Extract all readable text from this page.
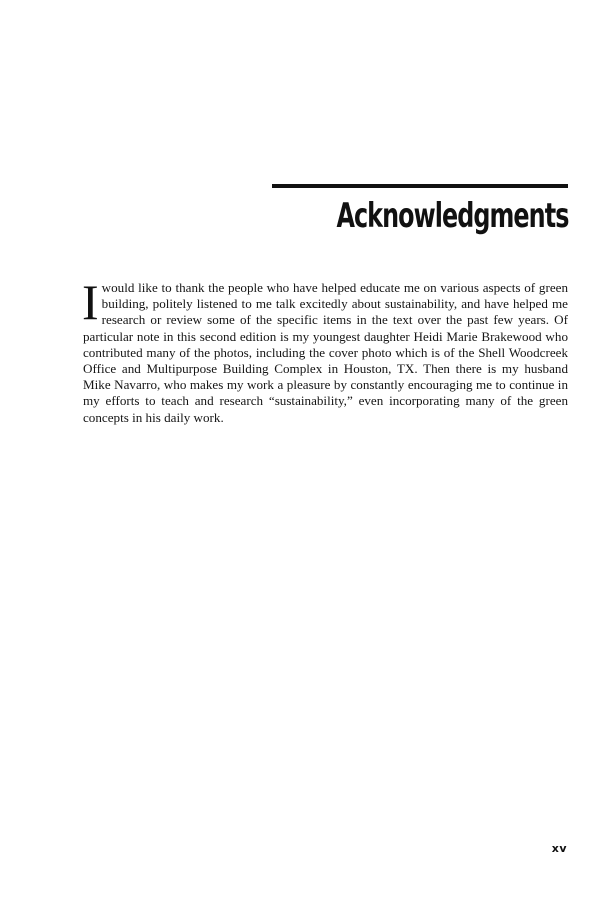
Acknowledgments

Iwould like to thank the people who have helped educate me on various aspects of green building, politely listened to me talk excitedly about sustainability, and have helped me research or review some of the specific items in the text over the past few years. Of particular note in this second edition is my youngest daughter Heidi Marie Brakewood who contributed many of the photos, including the cover photo which is of the Shell Woodcreek Office and Multipurpose Building Complex in Houston, TX. Then there is my husband Mike Navarro, who makes my work a pleasure by constantly encouraging me to continue in my efforts to teach and research “sustainability,” even incorporating many of the green concepts in his daily work.

xv
